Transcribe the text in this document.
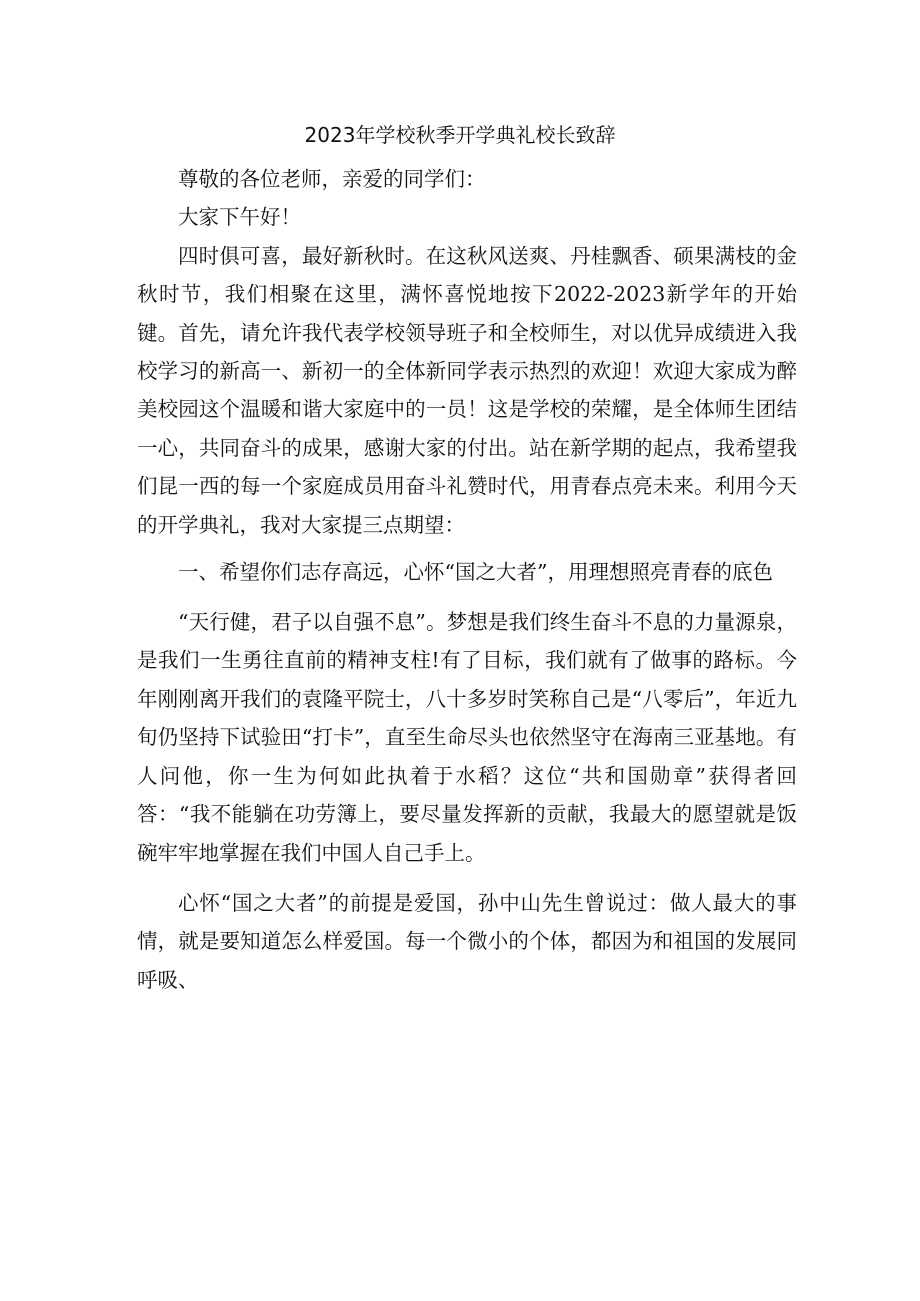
2023年学校秋季开学典礼校长致辞

尊敬的各位老师，亲爱的同学们：

大家下午好！

四时俱可喜，最好新秋时。在这秋风送爽、丹桂飘香、硕果满枝的金秋时节，我们相聚在这里，满怀喜悦地按下2022-2023新学年的开始键。首先，请允许我代表学校领导班子和全校师生，对以优异成绩进入我校学习的新高一、新初一的全体新同学表示热烈的欢迎！欢迎大家成为醉美校园这个温暖和谐大家庭中的一员！这是学校的荣耀，是全体师生团结一心，共同奋斗的成果，感谢大家的付出。站在新学期的起点，我希望我们昆一西的每一个家庭成员用奋斗礼赞时代，用青春点亮未来。利用今天的开学典礼，我对大家提三点期望：

一、希望你们志存高远，心怀“国之大者”，用理想照亮青春的底色

“天行健，君子以自强不息”。梦想是我们终生奋斗不息的力量源泉，是我们一生勇往直前的精神支柱!有了目标，我们就有了做事的路标。今年刚刚离开我们的袁隆平院士，八十多岁时笑称自己是“八零后”，年近九旬仍坚持下试验田“打卡”，直至生命尽头也依然坚守在海南三亚基地。有人问他，你一生为何如此执着于水稻？这位“共和国勋章”获得者回答：“我不能躺在功劳簿上，要尽量发挥新的贡献，我最大的愿望就是饭碗牢牢地掌握在我们中国人自己手上。

心怀“国之大者”的前提是爱国，孙中山先生曾说过：做人最大的事情，就是要知道怎么样爱国。每一个微小的个体，都因为和祖国的发展同呼吸、
